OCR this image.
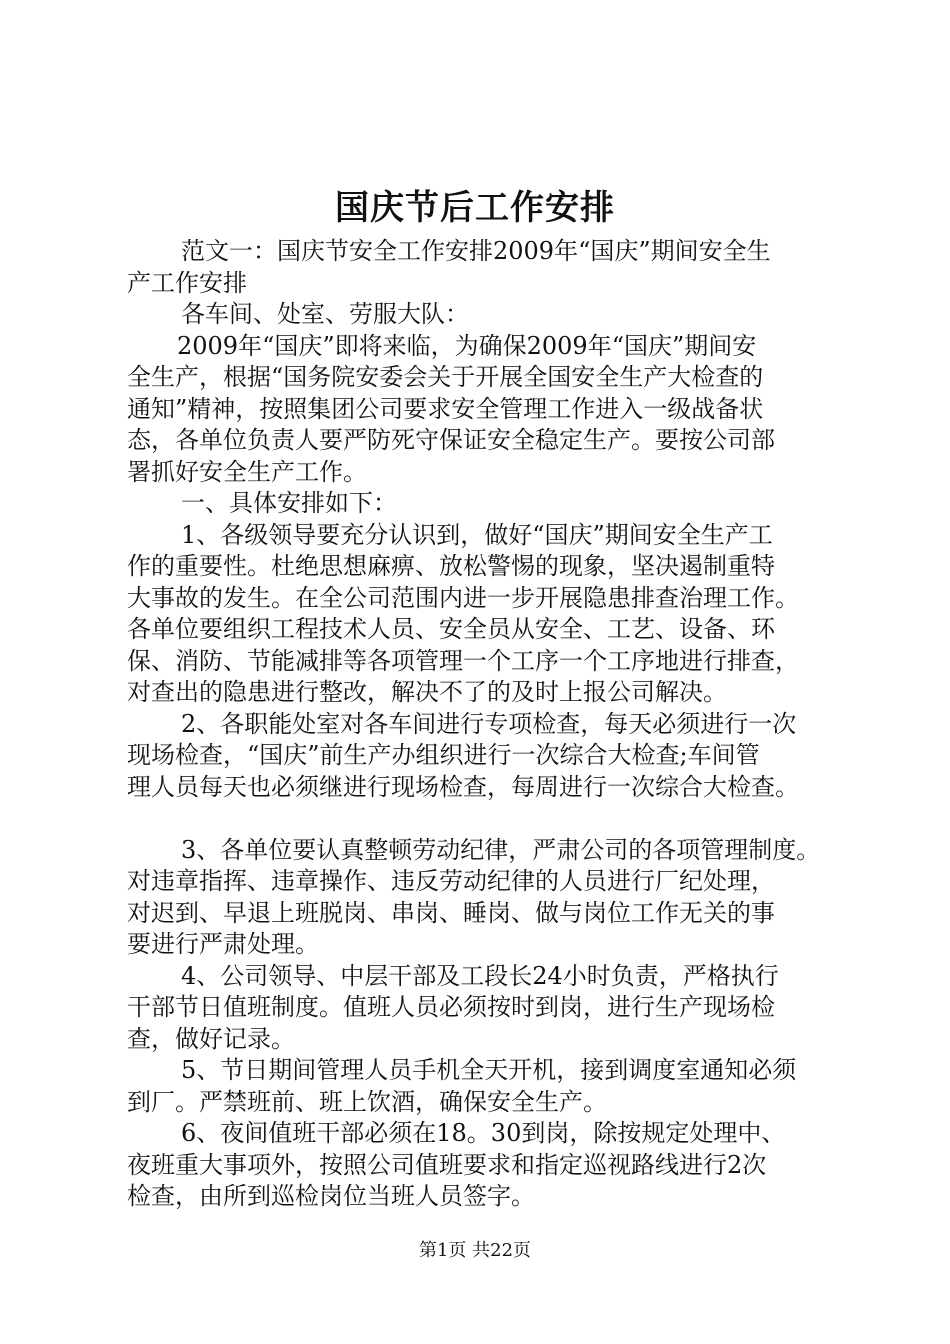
国庆节后工作安排
范文一：国庆节安全工作安排2009年“国庆”期间安全生
产工作安排
各车间、处室、劳服大队：
2009年“国庆”即将来临，为确保2009年“国庆”期间安
全生产，根据“国务院安委会关于开展全国安全生产大检查的
通知”精神，按照集团公司要求安全管理工作进入一级战备状
态，各单位负责人要严防死守保证安全稳定生产。要按公司部
署抓好安全生产工作。
一、具体安排如下：
1、各级领导要充分认识到，做好“国庆”期间安全生产工
作的重要性。杜绝思想麻痹、放松警惕的现象，坚决遏制重特
大事故的发生。在全公司范围内进一步开展隐患排查治理工作。
各单位要组织工程技术人员、安全员从安全、工艺、设备、环
保、消防、节能减排等各项管理一个工序一个工序地进行排查，
对查出的隐患进行整改，解决不了的及时上报公司解决。
2、各职能处室对各车间进行专项检查，每天必须进行一次
现场检查，“国庆”前生产办组织进行一次综合大检查;车间管
理人员每天也必须继进行现场检查，每周进行一次综合大检查。
3、各单位要认真整顿劳动纪律，严肃公司的各项管理制度。
对违章指挥、违章操作、违反劳动纪律的人员进行厂纪处理，
对迟到、早退上班脱岗、串岗、睡岗、做与岗位工作无关的事
要进行严肃处理。
4、公司领导、中层干部及工段长24小时负责，严格执行
干部节日值班制度。值班人员必须按时到岗，进行生产现场检
查，做好记录。
5、节日期间管理人员手机全天开机，接到调度室通知必须
到厂。严禁班前、班上饮酒，确保安全生产。
6、夜间值班干部必须在18。30到岗，除按规定处理中、
夜班重大事项外，按照公司值班要求和指定巡视路线进行2次
检查，由所到巡检岗位当班人员签字。
第1页 共22页
